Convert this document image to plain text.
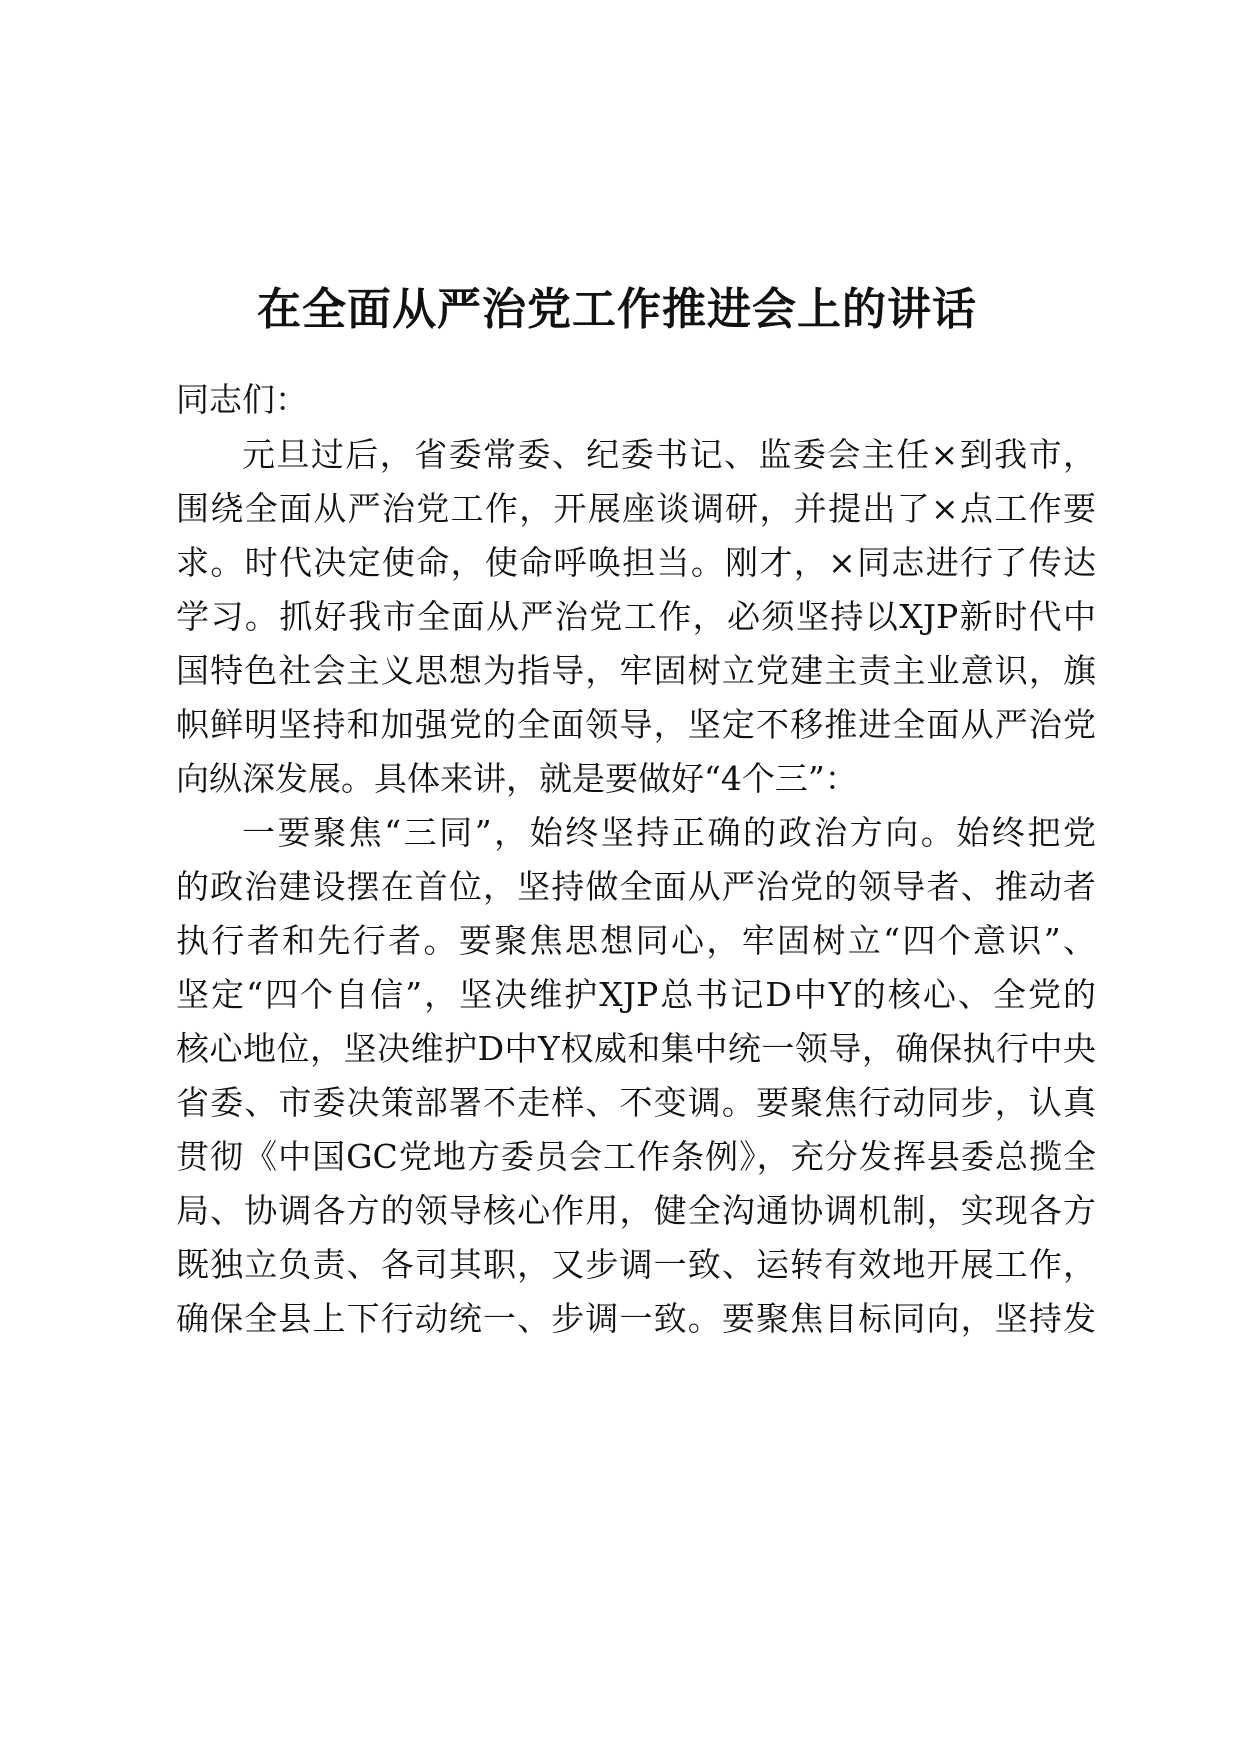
在全面从严治党工作推进会上的讲话

同志们：

元旦过后，省委常委、纪委书记、监委会主任×到我市，

围绕全面从严治党工作，开展座谈调研，并提出了×点工作要

求。时代决定使命，使命呼唤担当。刚才，×同志进行了传达

学习。抓好我市全面从严治党工作，必须坚持以XJP新时代中

国特色社会主义思想为指导，牢固树立党建主责主业意识，旗

帜鲜明坚持和加强党的全面领导，坚定不移推进全面从严治党

向纵深发展。具体来讲，就是要做好“4个三”：

一要聚焦“三同”，始终坚持正确的政治方向。始终把党

的政治建设摆在首位，坚持做全面从严治党的领导者、推动者

执行者和先行者。要聚焦思想同心，牢固树立“四个意识”、

坚定“四个自信”，坚决维护XJP总书记D中Y的核心、全党的

核心地位，坚决维护D中Y权威和集中统一领导，确保执行中央

省委、市委决策部署不走样、不变调。要聚焦行动同步，认真

贯彻《中国GC党地方委员会工作条例》，充分发挥县委总揽全

局、协调各方的领导核心作用，健全沟通协调机制，实现各方

既独立负责、各司其职，又步调一致、运转有效地开展工作，

确保全县上下行动统一、步调一致。要聚焦目标同向，坚持发
